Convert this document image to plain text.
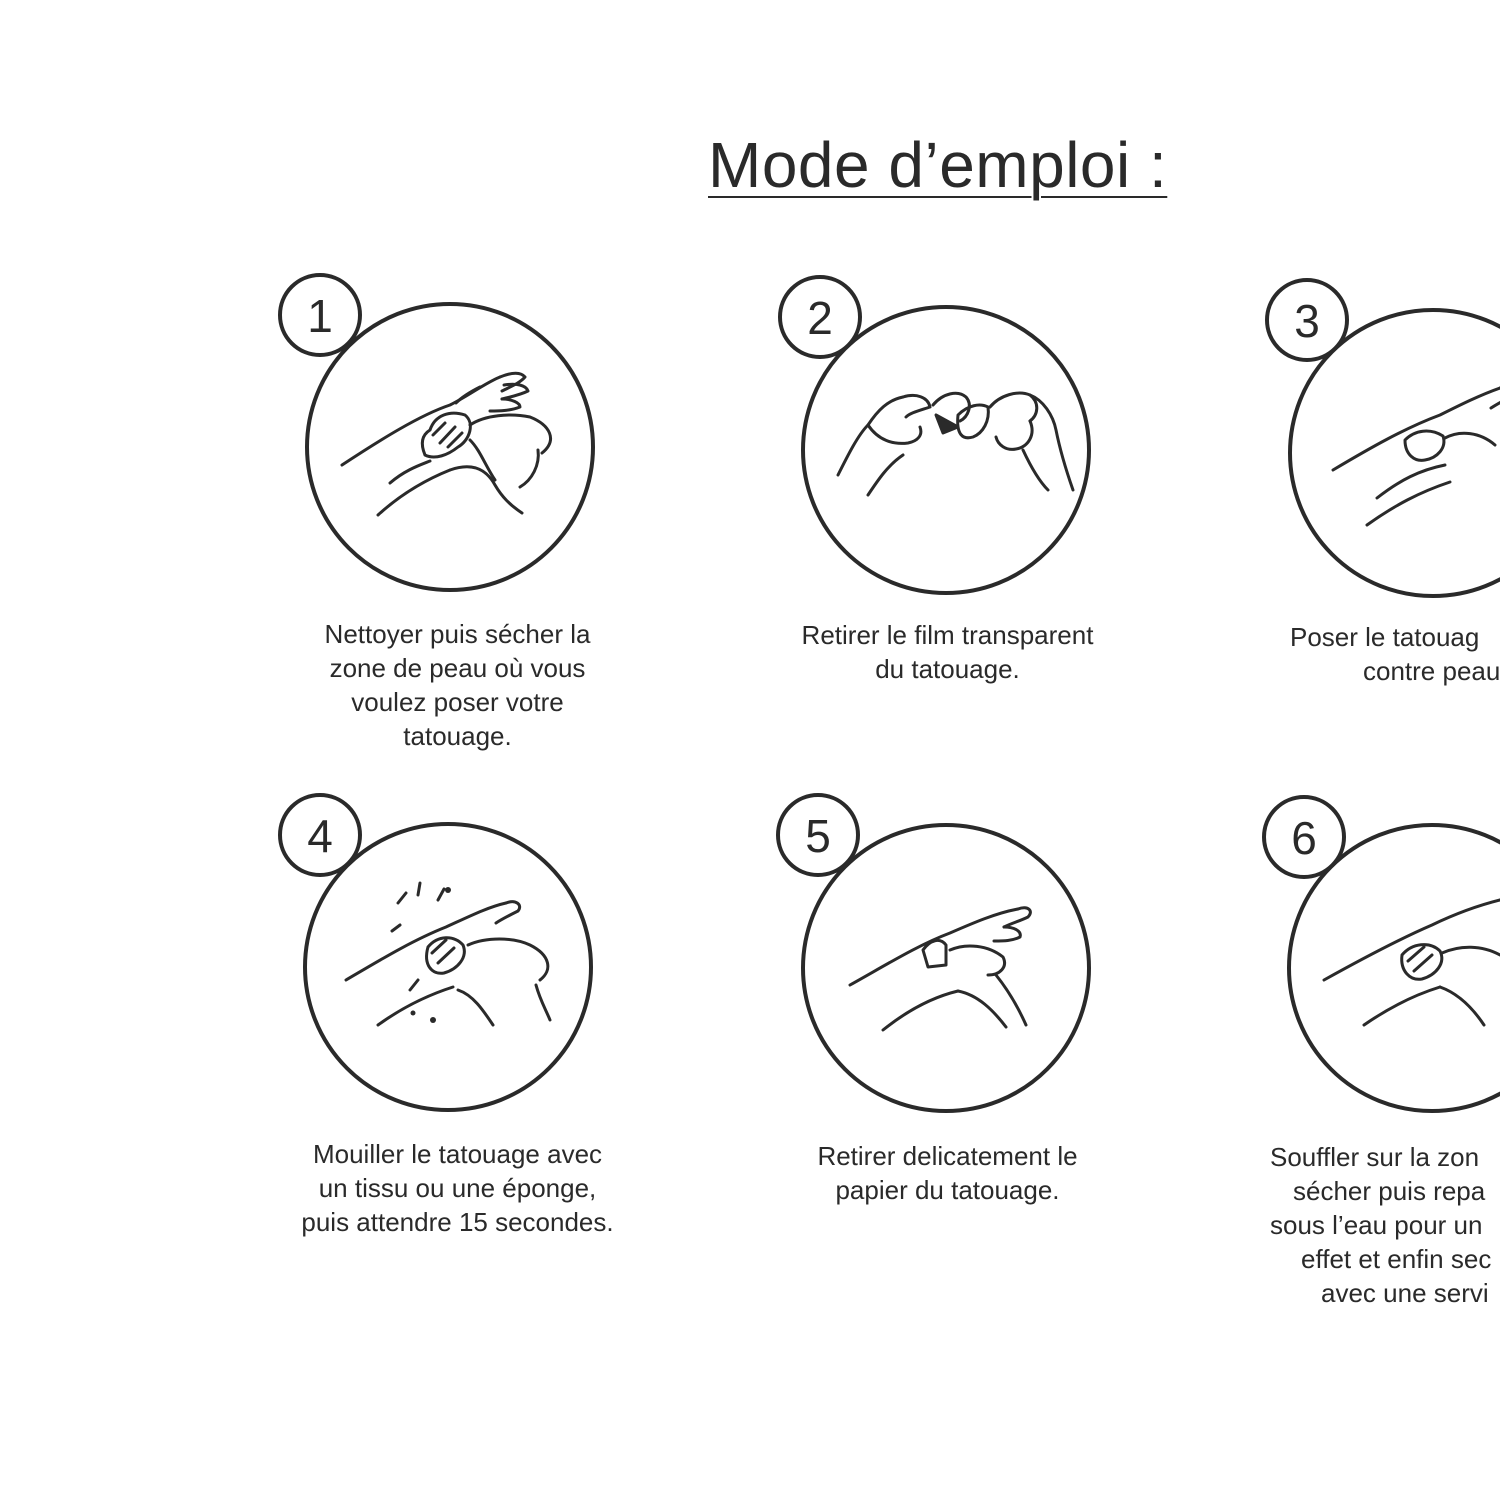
Mode d’emploi :
1

Nettoyer puis sécher la
zone de peau où vous
voulez poser votre
tatouage.

2

Retirer le film transparent
du tatouage.

3

Poser le tatouag
contre peau

4

Mouiller le tatouage avec
un tissu ou une éponge,
puis attendre 15 secondes.

5

Retirer delicatement le
papier du tatouage.

6

Souffler sur la zon
sécher puis repa
sous l’eau pour un
effet et enfin sec
avec une servi
